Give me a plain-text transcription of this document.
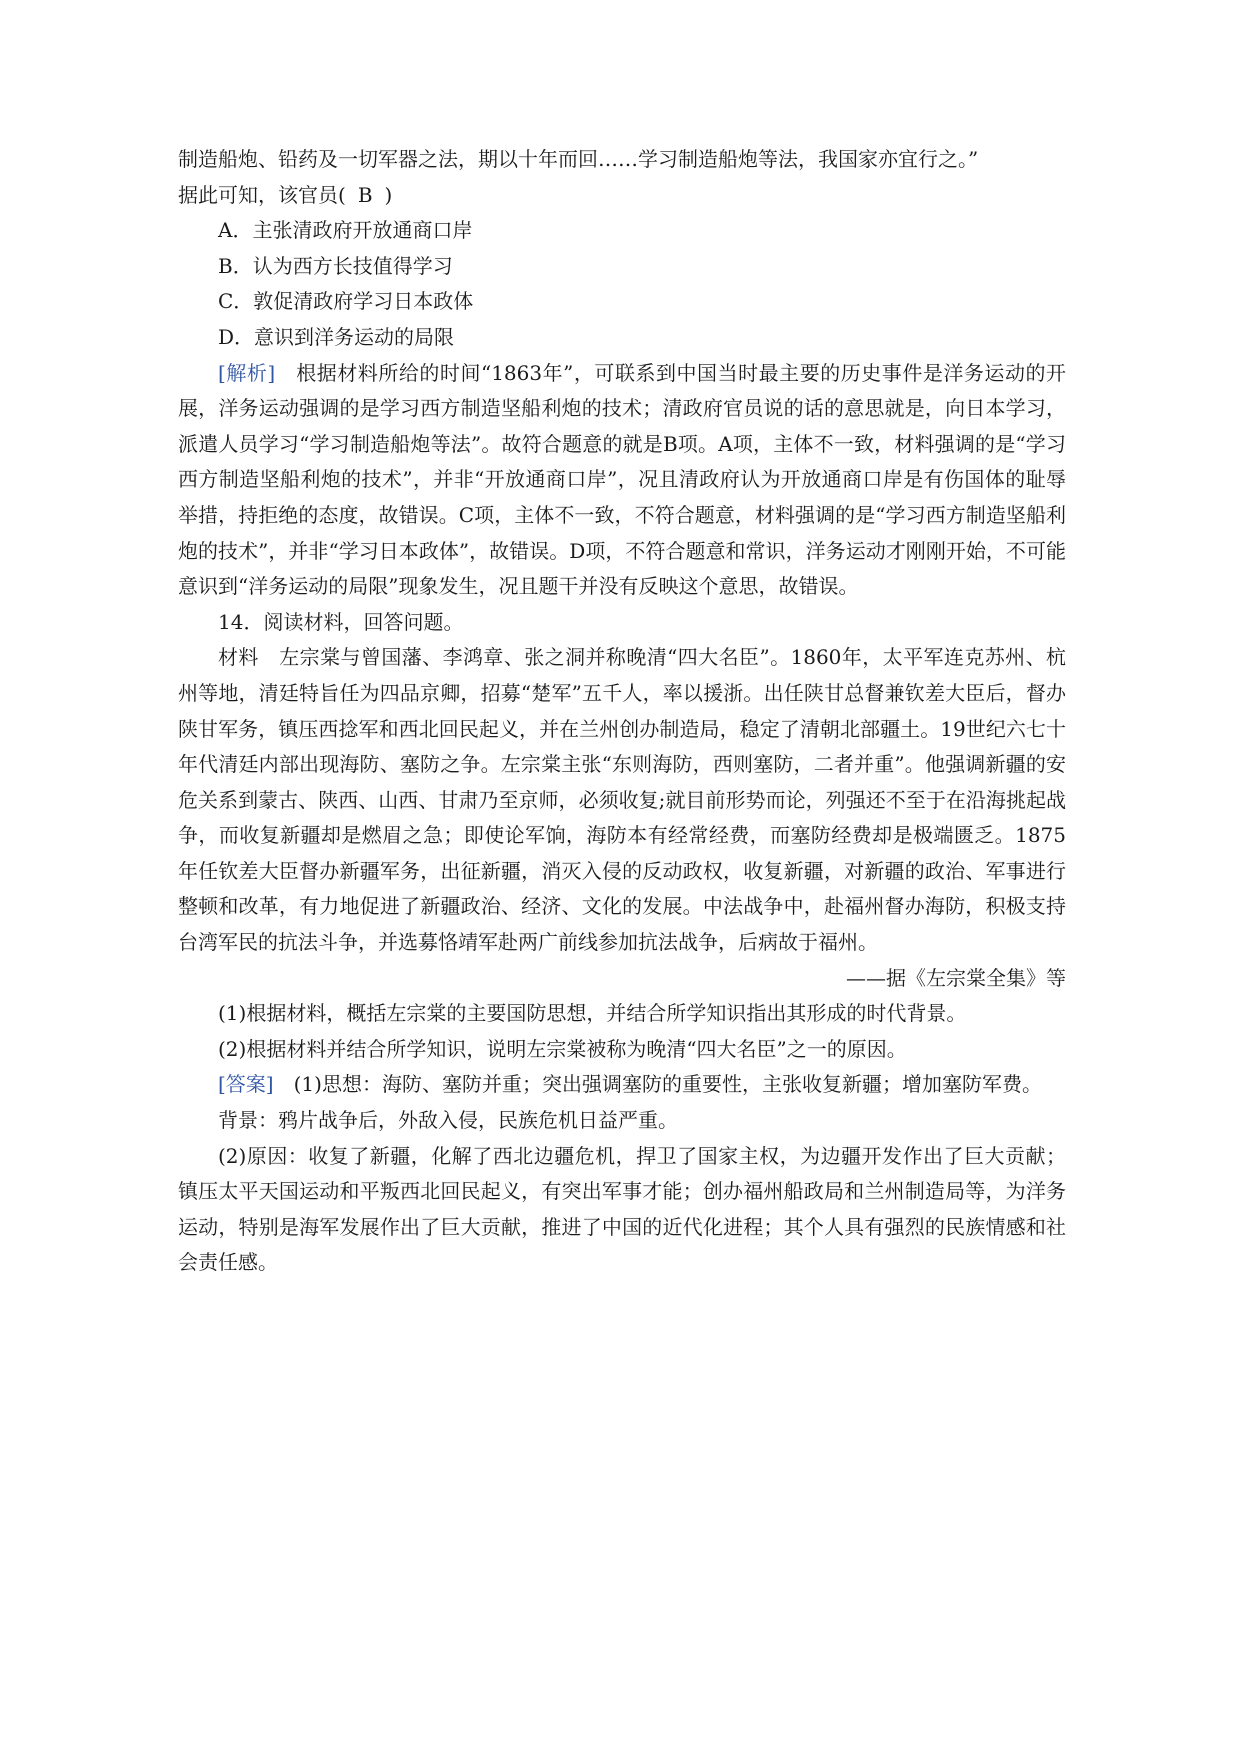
制造船炮、铅药及一切军器之法，期以十年而回……学习制造船炮等法，我国家亦宜行之。”

据此可知，该官员( B )

A．主张清政府开放通商口岸

B．认为西方长技值得学习

C．敦促清政府学习日本政体

D．意识到洋务运动的局限

[解析]　 根据材料所给的时间“1863年”，可联系到中国当时最主要的历史事件是洋务运动的开展，洋务运动强调的是学习西方制造坚船利炮的技术；清政府官员说的话的意思就是，向日本学习，派遣人员学习“学习制造船炮等法”。故符合题意的就是B项。A项，主体不一致，材料强调的是“学习西方制造坚船利炮的技术”，并非“开放通商口岸”，况且清政府认为开放通商口岸是有伤国体的耻辱举措，持拒绝的态度，故错误。C项，主体不一致，不符合题意，材料强调的是“学习西方制造坚船利炮的技术”，并非“学习日本政体”，故错误。D项，不符合题意和常识，洋务运动才刚刚开始，不可能意识到“洋务运动的局限”现象发生，况且题干并没有反映这个意思，故错误。

14．阅读材料，回答问题。

材料　左宗棠与曾国藩、李鸿章、张之洞并称晚清“四大名臣”。1860年，太平军连克苏州、杭州等地，清廷特旨任为四品京卿，招募“楚军”五千人，率以援浙。出任陕甘总督兼钦差大臣后，督办陕甘军务，镇压西捻军和西北回民起义，并在兰州创办制造局，稳定了清朝北部疆土。19世纪六七十年代清廷内部出现海防、塞防之争。左宗棠主张“东则海防，西则塞防，二者并重”。他强调新疆的安危关系到蒙古、陕西、山西、甘肃乃至京师，必须收复;就目前形势而论，列强还不至于在沿海挑起战争，而收复新疆却是燃眉之急；即使论军饷，海防本有经常经费，而塞防经费却是极端匮乏。1875年任钦差大臣督办新疆军务，出征新疆，消灭入侵的反动政权，收复新疆，对新疆的政治、军事进行整顿和改革，有力地促进了新疆政治、经济、文化的发展。中法战争中，赴福州督办海防，积极支持台湾军民的抗法斗争，并选募恪靖军赴两广前线参加抗法战争，后病故于福州。

——据《左宗棠全集》等

(1)根据材料，概括左宗棠的主要国防思想，并结合所学知识指出其形成的时代背景。

(2)根据材料并结合所学知识，说明左宗棠被称为晚清“四大名臣”之一的原因。

[答案]　 (1)思想：海防、塞防并重；突出强调塞防的重要性，主张收复新疆；增加塞防军费。

背景：鸦片战争后，外敌入侵，民族危机日益严重。

(2)原因：收复了新疆，化解了西北边疆危机，捍卫了国家主权，为边疆开发作出了巨大贡献；镇压太平天国运动和平叛西北回民起义，有突出军事才能；创办福州船政局和兰州制造局等，为洋务运动，特别是海军发展作出了巨大贡献，推进了中国的近代化进程；其个人具有强烈的民族情感和社会责任感。
